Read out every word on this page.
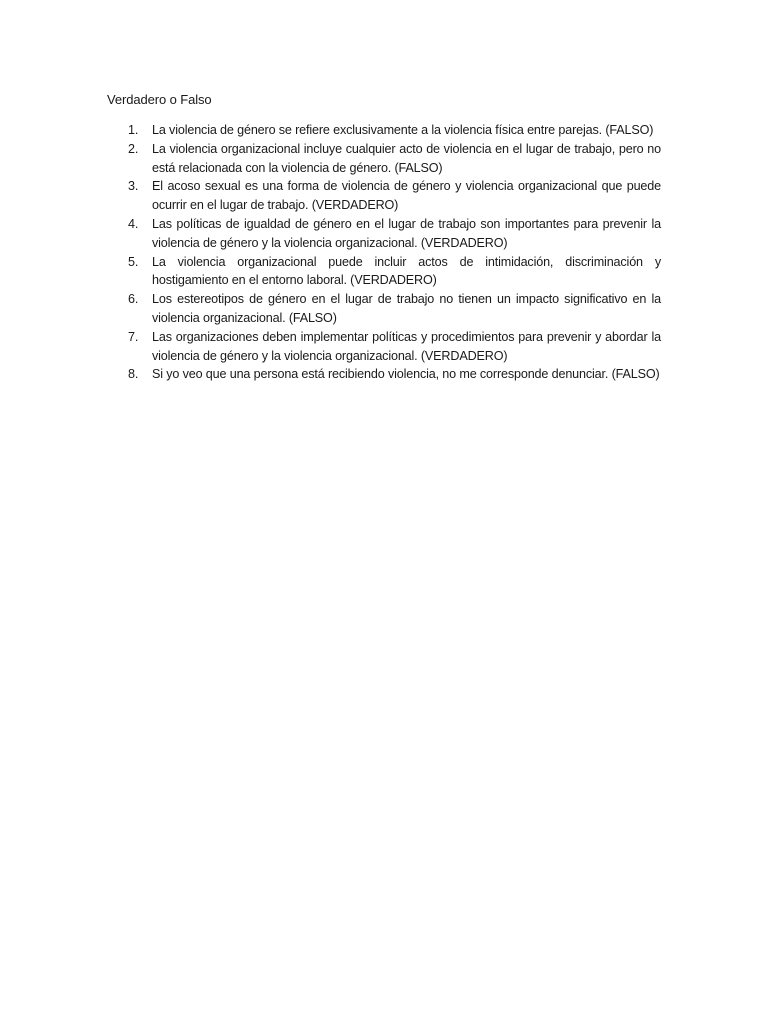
Verdadero o Falso
1.	La violencia de género se refiere exclusivamente a la violencia física entre parejas. (FALSO)
2.	La violencia organizacional incluye cualquier acto de violencia en el lugar de trabajo, pero no está relacionada con la violencia de género. (FALSO)
3.	El acoso sexual es una forma de violencia de género y violencia organizacional que puede ocurrir en el lugar de trabajo. (VERDADERO)
4.	Las políticas de igualdad de género en el lugar de trabajo son importantes para prevenir la violencia de género y la violencia organizacional. (VERDADERO)
5.	La violencia organizacional puede incluir actos de intimidación, discriminación y hostigamiento en el entorno laboral. (VERDADERO)
6.	Los estereotipos de género en el lugar de trabajo no tienen un impacto significativo en la violencia organizacional. (FALSO)
7.	Las organizaciones deben implementar políticas y procedimientos para prevenir y abordar la violencia de género y la violencia organizacional. (VERDADERO)
8.	Si yo veo que una persona está recibiendo violencia, no me corresponde denunciar. (FALSO)
